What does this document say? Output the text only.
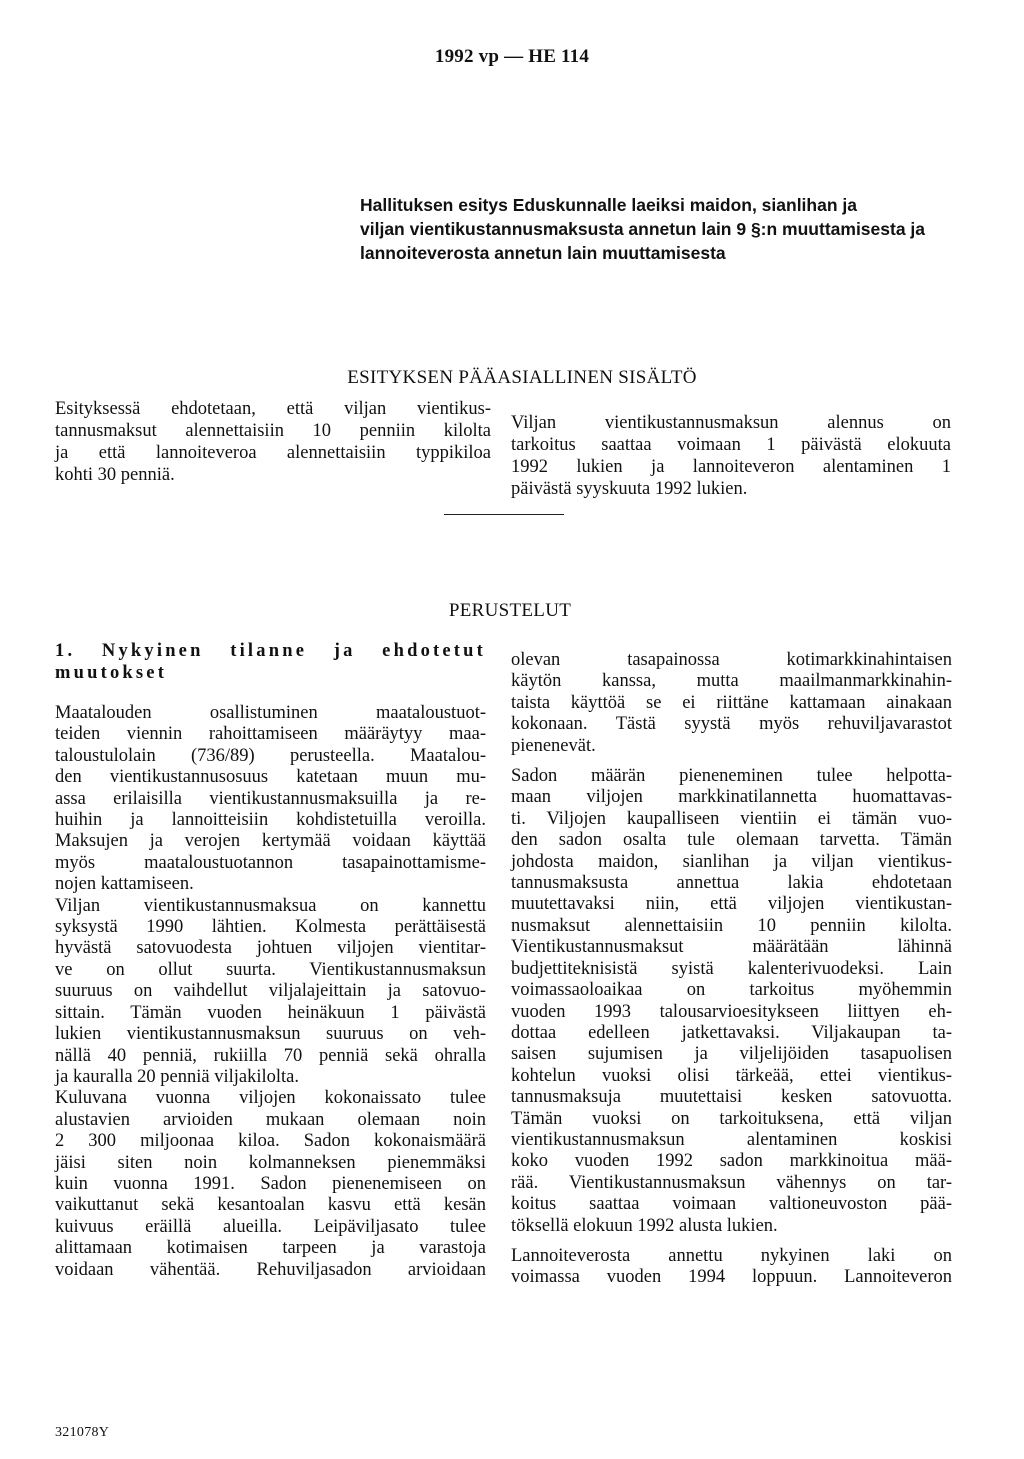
1992 vp — HE 114
Hallituksen esitys Eduskunnalle laeiksi maidon, sianlihan ja
viljan vientikustannusmaksusta annetun lain 9 §:n muuttamisesta ja
lannoiteverosta annetun lain muuttamisesta
ESITYKSEN PÄÄASIALLINEN SISÄLTÖ
Esityksessä ehdotetaan, että viljan vientikus-
tannusmaksut alennettaisiin 10 penniin kilolta
ja että lannoiteveroa alennettaisiin typpikiloa
kohti 30 penniä.
Viljan vientikustannusmaksun alennus on
tarkoitus saattaa voimaan 1 päivästä elokuuta
1992 lukien ja lannoiteveron alentaminen 1
päivästä syyskuuta 1992 lukien.
PERUSTELUT
1. Nykyinen tilanne ja ehdotetut
muutokset
Maatalouden osallistuminen maataloustuot-
teiden viennin rahoittamiseen määräytyy maa-
taloustulolain (736/89) perusteella. Maatalou-
den vientikustannusosuus katetaan muun mu-
assa erilaisilla vientikustannusmaksuilla ja re-
huihin ja lannoitteisiin kohdistetuilla veroilla.
Maksujen ja verojen kertymää voidaan käyttää
myös maataloustuotannon tasapainottamisme-
nojen kattamiseen.
Viljan vientikustannusmaksua on kannettu
syksystä 1990 lähtien. Kolmesta perättäisestä
hyvästä satovuodesta johtuen viljojen vientitar-
ve on ollut suurta. Vientikustannusmaksun
suuruus on vaihdellut viljalajeittain ja satovuo-
sittain. Tämän vuoden heinäkuun 1 päivästä
lukien vientikustannusmaksun suuruus on veh-
nällä 40 penniä, rukiilla 70 penniä sekä ohralla
ja kauralla 20 penniä viljakilolta.
Kuluvana vuonna viljojen kokonaissato tulee
alustavien arvioiden mukaan olemaan noin
2 300 miljoonaa kiloa. Sadon kokonaismäärä
jäisi siten noin kolmanneksen pienemmäksi
kuin vuonna 1991. Sadon pienenemiseen on
vaikuttanut sekä kesantoalan kasvu että kesän
kuivuus eräillä alueilla. Leipäviljasato tulee
alittamaan kotimaisen tarpeen ja varastoja
voidaan vähentää. Rehuviljasadon arvioidaan
olevan tasapainossa kotimarkkinahintaisen
käytön kanssa, mutta maailmanmarkkinahin-
taista käyttöä se ei riittäne kattamaan ainakaan
kokonaan. Tästä syystä myös rehuviljavarastot
pienenevät.
Sadon määrän pieneneminen tulee helpotta-
maan viljojen markkinatilannetta huomattavas-
ti. Viljojen kaupalliseen vientiin ei tämän vuo-
den sadon osalta tule olemaan tarvetta. Tämän
johdosta maidon, sianlihan ja viljan vientikus-
tannusmaksusta annettua lakia ehdotetaan
muutettavaksi niin, että viljojen vientikustan-
nusmaksut alennettaisiin 10 penniin kilolta.
Vientikustannusmaksut määrätään lähinnä
budjettiteknisistä syistä kalenterivuodeksi. Lain
voimassaoloaikaa on tarkoitus myöhemmin
vuoden 1993 talousarvioesitykseen liittyen eh-
dottaa edelleen jatkettavaksi. Viljakaupan ta-
saisen sujumisen ja viljelijöiden tasapuolisen
kohtelun vuoksi olisi tärkeää, ettei vientikus-
tannusmaksuja muutettaisi kesken satovuotta.
Tämän vuoksi on tarkoituksena, että viljan
vientikustannusmaksun alentaminen koskisi
koko vuoden 1992 sadon markkinoitua mää-
rää. Vientikustannusmaksun vähennys on tar-
koitus saattaa voimaan valtioneuvoston pää-
töksellä elokuun 1992 alusta lukien.
Lannoiteverosta annettu nykyinen laki on
voimassa vuoden 1994 loppuun. Lannoiteveron
321078Y
